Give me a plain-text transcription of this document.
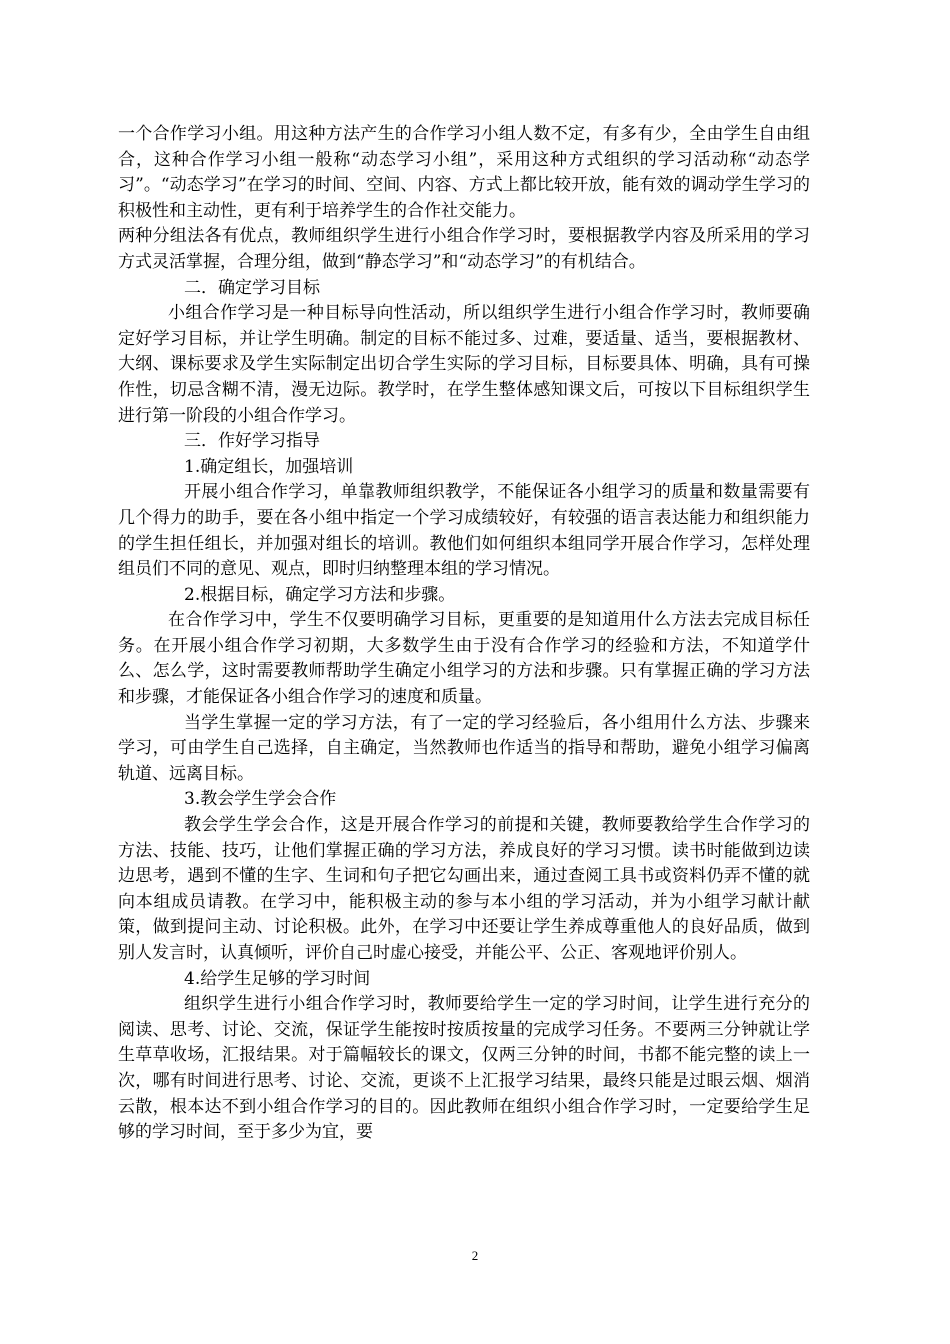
一个合作学习小组。用这种方法产生的合作学习小组人数不定，有多有少，全由学生自由组合，这种合作学习小组一般称“动态学习小组”，采用这种方式组织的学习活动称“动态学习”。“动态学习”在学习的时间、空间、内容、方式上都比较开放，能有效的调动学生学习的积极性和主动性，更有利于培养学生的合作社交能力。

两种分组法各有优点，教师组织学生进行小组合作学习时，要根据教学内容及所采用的学习方式灵活掌握，合理分组，做到“静态学习”和“动态学习”的有机结合。

二．确定学习目标

小组合作学习是一种目标导向性活动，所以组织学生进行小组合作学习时，教师要确定好学习目标，并让学生明确。制定的目标不能过多、过难，要适量、适当，要根据教材、大纲、课标要求及学生实际制定出切合学生实际的学习目标，目标要具体、明确，具有可操作性，切忌含糊不清，漫无边际。教学时，在学生整体感知课文后，可按以下目标组织学生进行第一阶段的小组合作学习。

三．作好学习指导

1.确定组长，加强培训

开展小组合作学习，单靠教师组织教学，不能保证各小组学习的质量和数量需要有几个得力的助手，要在各小组中指定一个学习成绩较好，有较强的语言表达能力和组织能力的学生担任组长，并加强对组长的培训。教他们如何组织本组同学开展合作学习，怎样处理组员们不同的意见、观点，即时归纳整理本组的学习情况。

2.根据目标，确定学习方法和步骤。

在合作学习中，学生不仅要明确学习目标，更重要的是知道用什么方法去完成目标任务。在开展小组合作学习初期，大多数学生由于没有合作学习的经验和方法，不知道学什么、怎么学，这时需要教师帮助学生确定小组学习的方法和步骤。只有掌握正确的学习方法和步骤，才能保证各小组合作学习的速度和质量。

当学生掌握一定的学习方法，有了一定的学习经验后，各小组用什么方法、步骤来学习，可由学生自己选择，自主确定，当然教师也作适当的指导和帮助，避免小组学习偏离轨道、远离目标。

3.教会学生学会合作

教会学生学会合作，这是开展合作学习的前提和关键，教师要教给学生合作学习的方法、技能、技巧，让他们掌握正确的学习方法，养成良好的学习习惯。读书时能做到边读边思考，遇到不懂的生字、生词和句子把它勾画出来，通过查阅工具书或资料仍弄不懂的就向本组成员请教。在学习中，能积极主动的参与本小组的学习活动，并为小组学习献计献策，做到提问主动、讨论积极。此外，在学习中还要让学生养成尊重他人的良好品质，做到别人发言时，认真倾听，评价自己时虚心接受，并能公平、公正、客观地评价别人。

4.给学生足够的学习时间

组织学生进行小组合作学习时，教师要给学生一定的学习时间，让学生进行充分的阅读、思考、讨论、交流，保证学生能按时按质按量的完成学习任务。不要两三分钟就让学生草草收场，汇报结果。对于篇幅较长的课文，仅两三分钟的时间，书都不能完整的读上一次，哪有时间进行思考、讨论、交流，更谈不上汇报学习结果，最终只能是过眼云烟、烟消云散，根本达不到小组合作学习的目的。因此教师在组织小组合作学习时，一定要给学生足够的学习时间，至于多少为宜，要

2
